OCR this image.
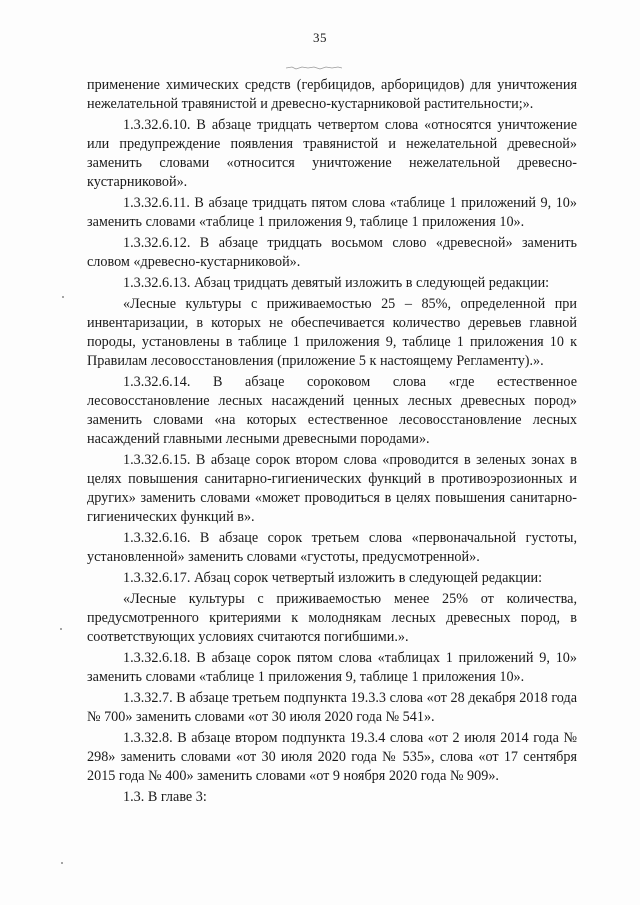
35

применение химических средств (гербицидов, арборицидов) для уничтожения нежелательной травянистой и древесно-кустарниковой растительности;».

1.3.32.6.10. В абзаце тридцать четвертом слова «относятся уничтожение или предупреждение появления травянистой и нежелательной древесной» заменить словами «относится уничтожение нежелательной древесно-кустарниковой».

1.3.32.6.11. В абзаце тридцать пятом слова «таблице 1 приложений 9, 10» заменить словами «таблице 1 приложения 9, таблице 1 приложения 10».

1.3.32.6.12. В абзаце тридцать восьмом слово «древесной» заменить словом «древесно-кустарниковой».

1.3.32.6.13. Абзац тридцать девятый изложить в следующей редакции:

«Лесные культуры с приживаемостью 25 – 85%, определенной при инвентаризации, в которых не обеспечивается количество деревьев главной породы, установлены в таблице 1 приложения 9, таблице 1 приложения 10 к Правилам лесовосстановления (приложение 5 к настоящему Регламенту).».

1.3.32.6.14. В абзаце сороковом слова «где естественное лесовосстановление лесных насаждений ценных лесных древесных пород» заменить словами «на которых естественное лесовосстановление лесных насаждений главными лесными древесными породами».

1.3.32.6.15. В абзаце сорок втором слова «проводится в зеленых зонах в целях повышения санитарно-гигиенических функций в противоэрозионных и других» заменить словами «может проводиться в целях повышения санитарно-гигиенических функций в».

1.3.32.6.16. В абзаце сорок третьем слова «первоначальной густоты, установленной» заменить словами «густоты, предусмотренной».

1.3.32.6.17. Абзац сорок четвертый изложить в следующей редакции:

«Лесные культуры с приживаемостью менее 25% от количества, предусмотренного критериями к молоднякам лесных древесных пород, в соответствующих условиях считаются погибшими.».

1.3.32.6.18. В абзаце сорок пятом слова «таблицах 1 приложений 9, 10» заменить словами «таблице 1 приложения 9, таблице 1 приложения 10».

1.3.32.7. В абзаце третьем подпункта 19.3.3 слова «от 28 декабря 2018 года № 700» заменить словами «от 30 июля 2020 года № 541».

1.3.32.8. В абзаце втором подпункта 19.3.4 слова «от 2 июля 2014 года № 298» заменить словами «от 30 июля 2020 года № 535», слова «от 17 сентября 2015 года № 400» заменить словами «от 9 ноября 2020 года № 909».

1.3. В главе 3:
